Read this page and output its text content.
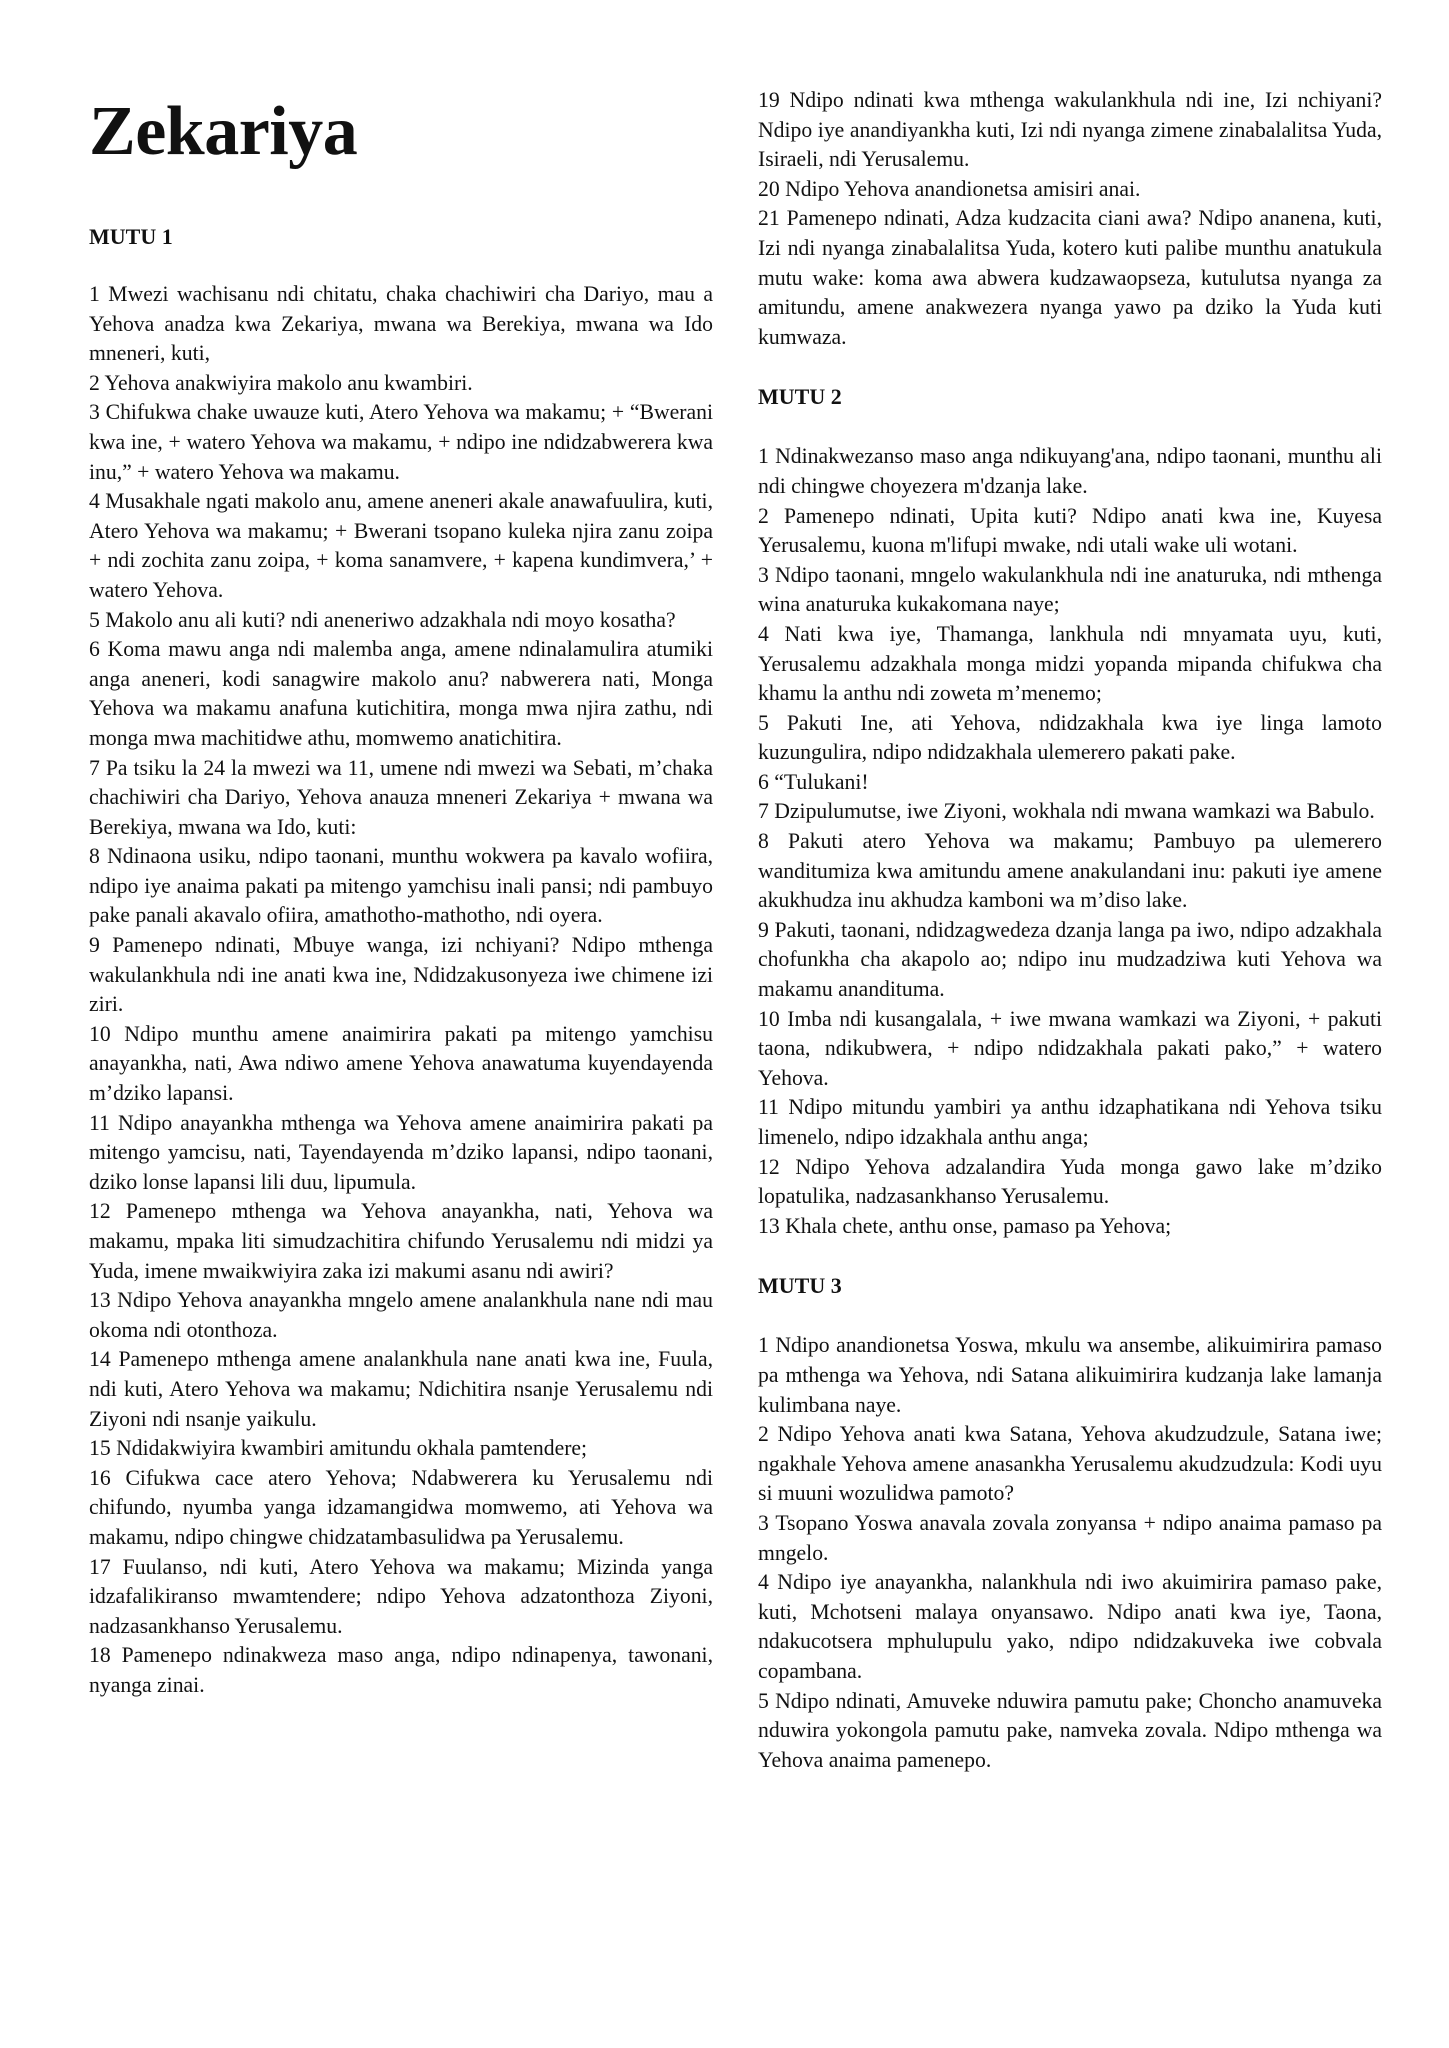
Zekariya
MUTU 1

1 Mwezi wachisanu ndi chitatu, chaka chachiwiri cha Dariyo, mau a Yehova anadza kwa Zekariya, mwana wa Berekiya, mwana wa Ido mneneri, kuti,

2 Yehova anakwiyira makolo anu kwambiri.

3 Chifukwa chake uwauze kuti, Atero Yehova wa makamu; + “Bwerani kwa ine, + watero Yehova wa makamu, + ndipo ine ndidzabwerera kwa inu,” + watero Yehova wa makamu.

4 Musakhale ngati makolo anu, amene aneneri akale anawafuulira, kuti, Atero Yehova wa makamu; + Bwerani tsopano kuleka njira zanu zoipa + ndi zochita zanu zoipa, + koma sanamvere, + kapena kundimvera,’ + watero Yehova.

5 Makolo anu ali kuti? ndi aneneriwo adzakhala ndi moyo kosatha?

6 Koma mawu anga ndi malemba anga, amene ndinalamulira atumiki anga aneneri, kodi sanagwire makolo anu? nabwerera nati, Monga Yehova wa makamu anafuna kutichitira, monga mwa njira zathu, ndi monga mwa machitidwe athu, momwemo anatichitira.

7 Pa tsiku la 24 la mwezi wa 11, umene ndi mwezi wa Sebati, m’chaka chachiwiri cha Dariyo, Yehova anauza mneneri Zekariya + mwana wa Berekiya, mwana wa Ido, kuti:

8 Ndinaona usiku, ndipo taonani, munthu wokwera pa kavalo wofiira, ndipo iye anaima pakati pa mitengo yamchisu inali pansi; ndi pambuyo pake panali akavalo ofiira, amathotho-mathotho, ndi oyera.

9 Pamenepo ndinati, Mbuye wanga, izi nchiyani? Ndipo mthenga wakulankhula ndi ine anati kwa ine, Ndidzakusonyeza iwe chimene izi ziri.

10 Ndipo munthu amene anaimirira pakati pa mitengo yamchisu anayankha, nati, Awa ndiwo amene Yehova anawatuma kuyendayenda m’dziko lapansi.

11 Ndipo anayankha mthenga wa Yehova amene anaimirira pakati pa mitengo yamcisu, nati, Tayendayenda m’dziko lapansi, ndipo taonani, dziko lonse lapansi lili duu, lipumula.

12 Pamenepo mthenga wa Yehova anayankha, nati, Yehova wa makamu, mpaka liti simudzachitira chifundo Yerusalemu ndi midzi ya Yuda, imene mwaikwiyira zaka izi makumi asanu ndi awiri?

13 Ndipo Yehova anayankha mngelo amene analankhula nane ndi mau okoma ndi otonthoza.

14 Pamenepo mthenga amene analankhula nane anati kwa ine, Fuula, ndi kuti, Atero Yehova wa makamu; Ndichitira nsanje Yerusalemu ndi Ziyoni ndi nsanje yaikulu.

15 Ndidakwiyira kwambiri amitundu okhala pamtendere;

16 Cifukwa cace atero Yehova; Ndabwerera ku Yerusalemu ndi chifundo, nyumba yanga idzamangidwa momwemo, ati Yehova wa makamu, ndipo chingwe chidzatambasulidwa pa Yerusalemu.

17 Fuulanso, ndi kuti, Atero Yehova wa makamu; Mizinda yanga idzafalikiranso mwamtendere; ndipo Yehova adzatonthoza Ziyoni, nadzasankhanso Yerusalemu.

18 Pamenepo ndinakweza maso anga, ndipo ndinapenya, tawonani, nyanga zinai.

19 Ndipo ndinati kwa mthenga wakulankhula ndi ine, Izi nchiyani? Ndipo iye anandiyankha kuti, Izi ndi nyanga zimene zinabalalitsa Yuda, Isiraeli, ndi Yerusalemu.

20 Ndipo Yehova anandionetsa amisiri anai.

21 Pamenepo ndinati, Adza kudzacita ciani awa? Ndipo ananena, kuti, Izi ndi nyanga zinabalalitsa Yuda, kotero kuti palibe munthu anatukula mutu wake: koma awa abwera kudzawaopseza, kutulutsa nyanga za amitundu, amene anakwezera nyanga yawo pa dziko la Yuda kuti kumwaza.

MUTU 2

1 Ndinakwezanso maso anga ndikuyang'ana, ndipo taonani, munthu ali ndi chingwe choyezera m'dzanja lake.

2 Pamenepo ndinati, Upita kuti? Ndipo anati kwa ine, Kuyesa Yerusalemu, kuona m'lifupi mwake, ndi utali wake uli wotani.

3 Ndipo taonani, mngelo wakulankhula ndi ine anaturuka, ndi mthenga wina anaturuka kukakomana naye;

4 Nati kwa iye, Thamanga, lankhula ndi mnyamata uyu, kuti, Yerusalemu adzakhala monga midzi yopanda mipanda chifukwa cha khamu la anthu ndi zoweta m’menemo;

5 Pakuti Ine, ati Yehova, ndidzakhala kwa iye linga lamoto kuzungulira, ndipo ndidzakhala ulemerero pakati pake.

6 “Tulukani!

7 Dzipulumutse, iwe Ziyoni, wokhala ndi mwana wamkazi wa Babulo.

8 Pakuti atero Yehova wa makamu; Pambuyo pa ulemerero wanditumiza kwa amitundu amene anakulandani inu: pakuti iye amene akukhudza inu akhudza kamboni wa m’diso lake.

9 Pakuti, taonani, ndidzagwedeza dzanja langa pa iwo, ndipo adzakhala chofunkha cha akapolo ao; ndipo inu mudzadziwa kuti Yehova wa makamu ananditumа.

10 Imba ndi kusangalala, + iwe mwana wamkazi wa Ziyoni, + pakuti taona, ndikubwera, + ndipo ndidzakhala pakati pako,” + watero Yehova.

11 Ndipo mitundu yambiri ya anthu idzaphatikana ndi Yehova tsiku limenelo, ndipo idzakhala anthu anga;

12 Ndipo Yehova adzalandira Yuda monga gawo lake m’dziko lopatulika, nadzasankhanso Yerusalemu.

13 Khala chete, anthu onse, pamaso pa Yehova;

MUTU 3

1 Ndipo anandionetsa Yoswa, mkulu wa ansembe, alikuimirira pamaso pa mthenga wa Yehova, ndi Satana alikuimirira kudzanja lake lamanja kulimbana naye.

2 Ndipo Yehova anati kwa Satana, Yehova akudzudzule, Satana iwe; ngakhale Yehova amene anasankha Yerusalemu akudzudzula: Kodi uyu si muuni wozulidwa pamoto?

3 Tsopano Yoswa anavala zovala zonyansa + ndipo anaima pamaso pa mngelo.

4 Ndipo iye anayankha, nalankhula ndi iwo akuimirira pamaso pake, kuti, Mchotseni malaya onyansawo. Ndipo anati kwa iye, Taona, ndakucotsera mphulupulu yako, ndipo ndidzakuveka iwe cobvala copambana.

5 Ndipo ndinati, Amuveke nduwira pamutu pake; Choncho anamuveka nduwira yokongola pamutu pake, namveka zovala. Ndipo mthenga wa Yehova anaima pamenepo.
